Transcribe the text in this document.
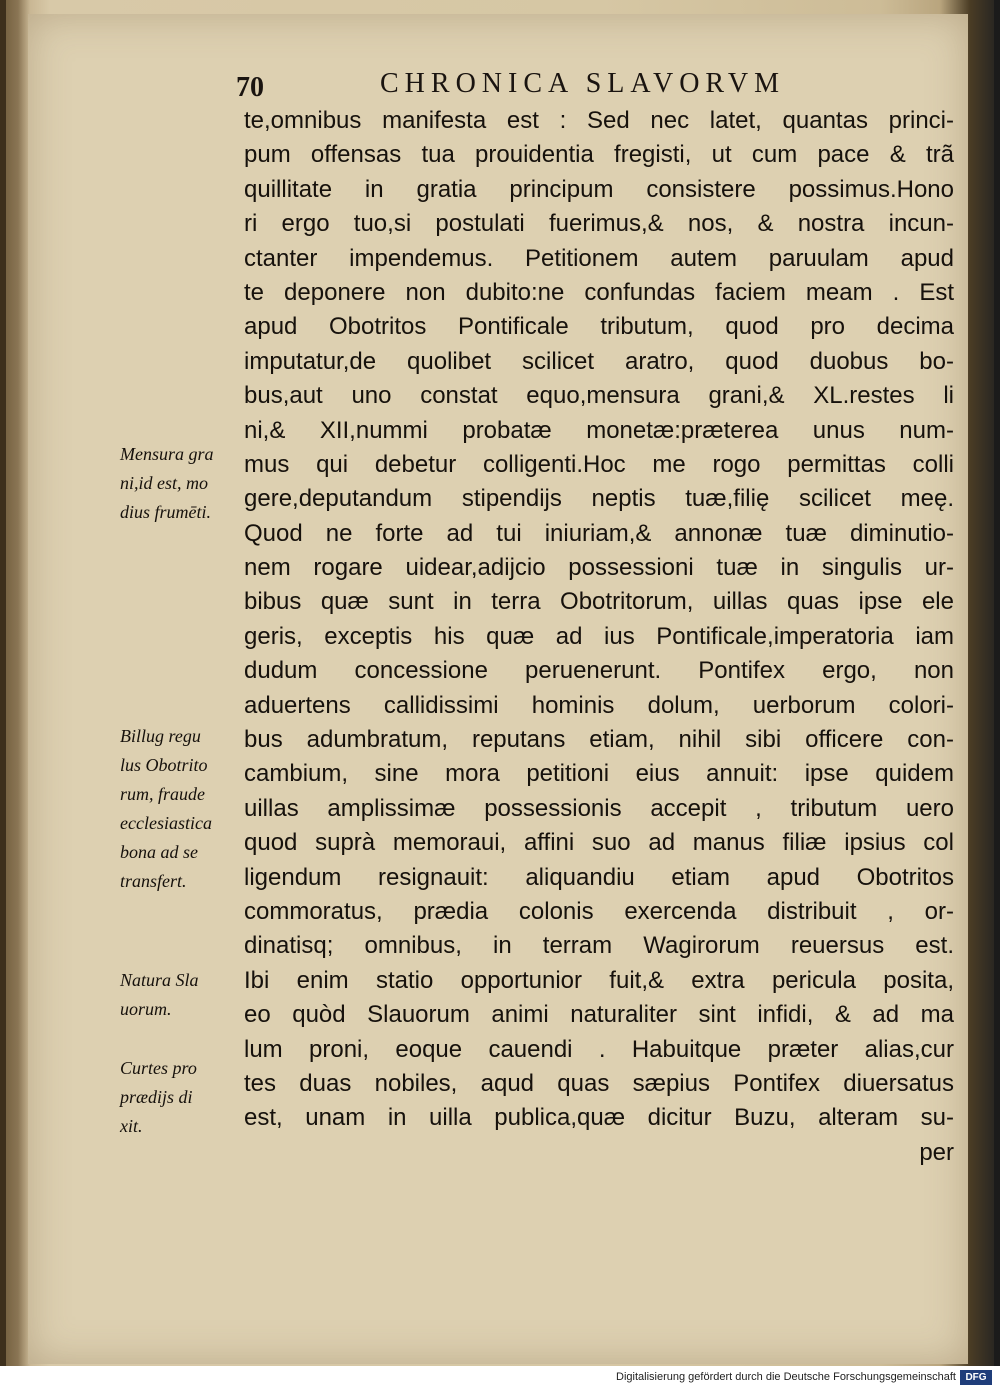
70	CHRONICA SLAVORVM
te,omnibus manifesta est : Sed nec latet, quantas princi-
pum offensas tua prouidentia fregisti, ut cum pace & trã
quillitate in gratia principum consistere possimus.Hono
ri ergo tuo,si postulati fuerimus,& nos, & nostra incun-
ctanter impendemus. Petitionem autem paruulam apud
te deponere non dubito:ne confundas faciem meam . Est
apud Obotritos Pontificale tributum, quod pro decima
imputatur,de quolibet scilicet aratro, quod duobus bo-
bus,aut uno constat equo,mensura grani,& XL.restes li
ni,& XII,nummi probatæ monetæ:præterea unus num-
mus qui debetur colligenti.Hoc me rogo permittas colli
gere,deputandum stipendijs neptis tuæ,filię scilicet meę.
Quod ne forte ad tui iniuriam,& annonæ tuæ diminutio-
nem rogare uidear,adijcio possessioni tuæ in singulis ur-
bibus quæ sunt in terra Obotritorum, uillas quas ipse ele
geris, exceptis his quæ ad ius Pontificale,imperatoria iam
dudum concessione peruenerunt. Pontifex ergo, non
aduertens callidissimi hominis dolum, uerborum colori-
bus adumbratum, reputans etiam, nihil sibi officere con-
cambium, sine mora petitioni eius annuit: ipse quidem
uillas amplissimæ possessionis accepit , tributum uero
quod suprà memoraui, affini suo ad manus filiæ ipsius col
ligendum resignauit: aliquandiu etiam apud Obotritos
commoratus, prædia colonis exercenda distribuit , or-
dinatisq; omnibus, in terram Wagirorum reuersus est.
Ibi enim statio opportunior fuit,& extra pericula posita,
eo quòd Slauorum animi naturaliter sint infidi, & ad ma
lum proni, eoque cauendi . Habuitque præter alias,cur
tes duas nobiles, aqud quas sæpius Pontifex diuersatus
est, unam in uilla publica,quæ dicitur Buzu, alteram su-
per
Mensura gra
ni,id est, mo
dius frumēti.
Billug regu
lus Obotrito
rum, fraude
ecclesiastica
bona ad se
transfert.
Natura Sla
uorum.
Curtes pro
prædijs di
xit.
Digitalisierung gefördert durch die Deutsche Forschungsgemeinschaft DFG
